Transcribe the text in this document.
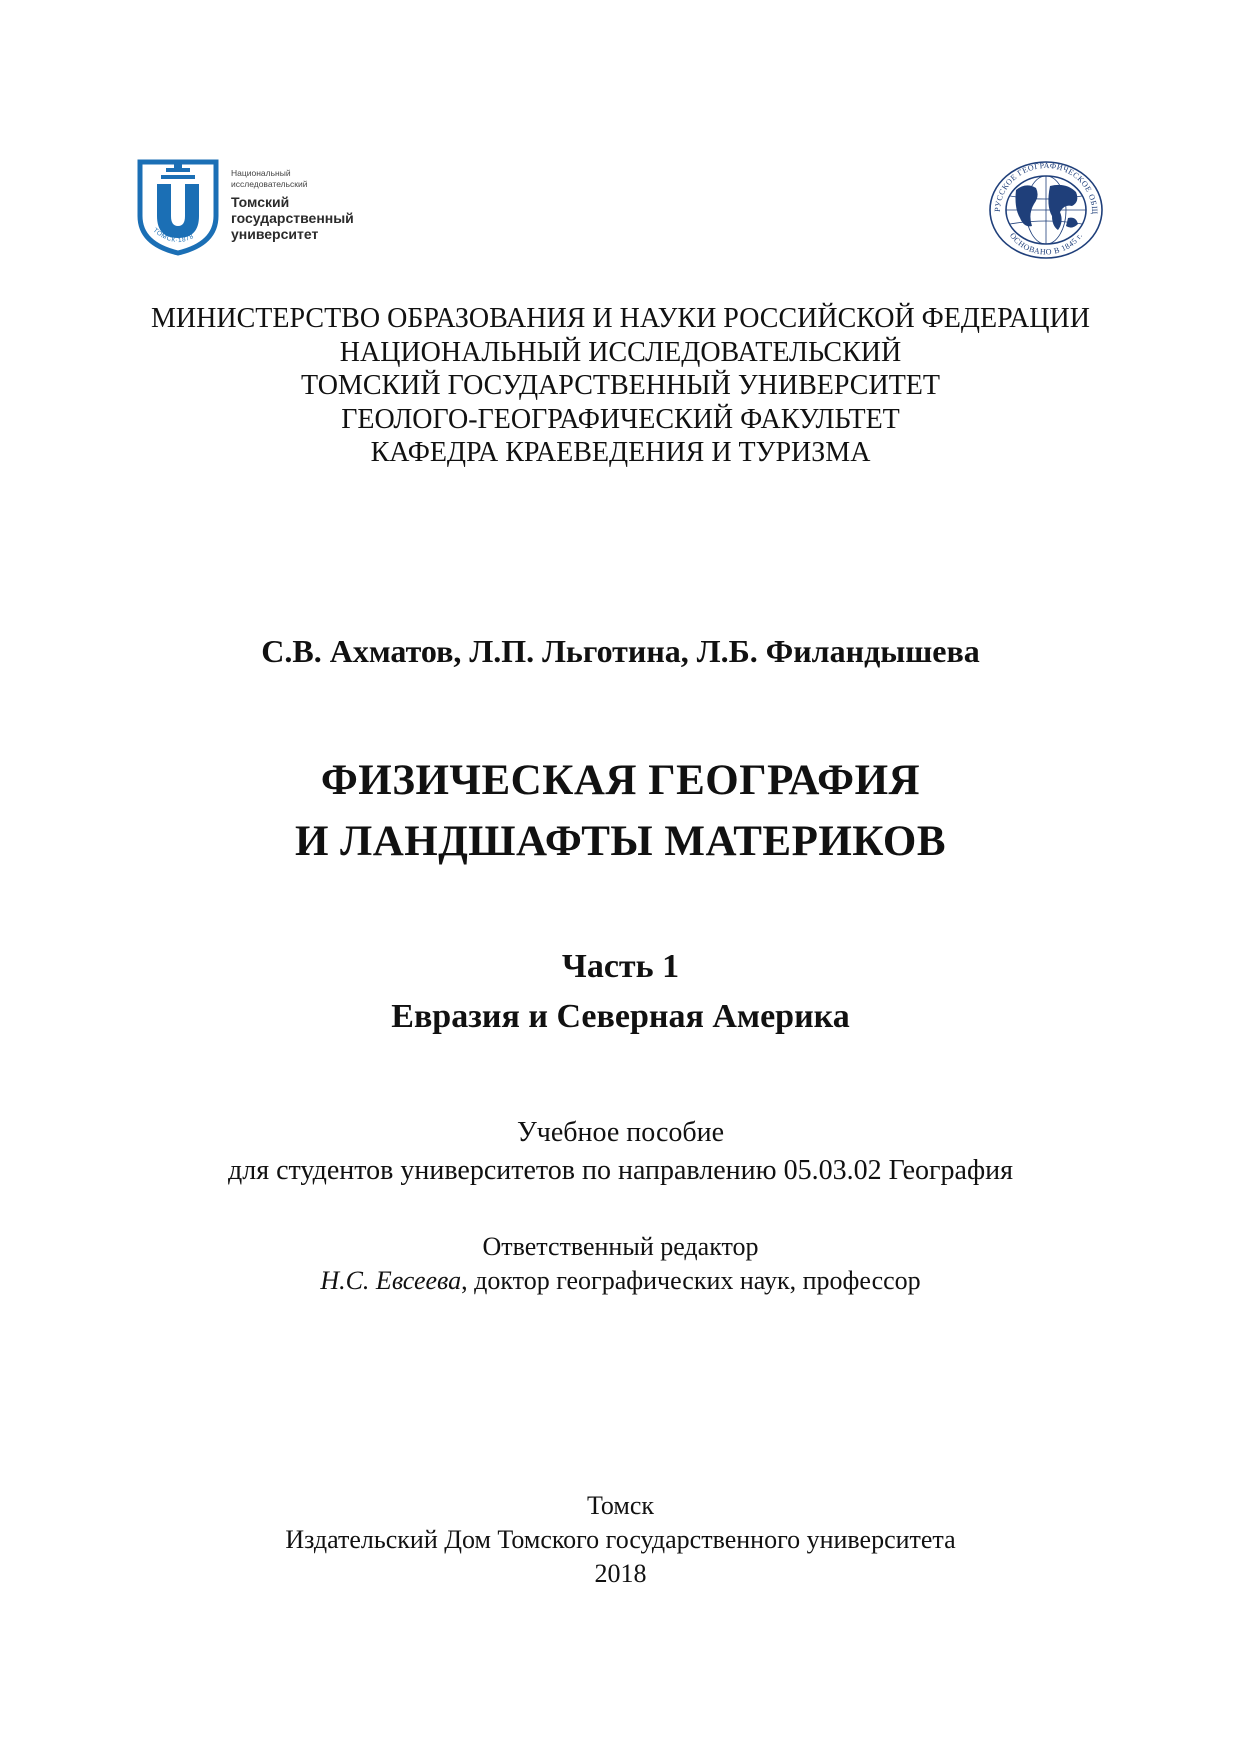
ТОМСК·1878
Национальный
исследовательский
Томский
государственный
университет
РУССКОЕ ГЕОГРАФИЧЕСКОЕ ОБЩ
ОСНОВАНО В 1845 г.
МИНИСТЕРСТВО ОБРАЗОВАНИЯ И НАУКИ РОССИЙСКОЙ ФЕДЕРАЦИИ
НАЦИОНАЛЬНЫЙ ИССЛЕДОВАТЕЛЬСКИЙ
ТОМСКИЙ ГОСУДАРСТВЕННЫЙ УНИВЕРСИТЕТ
ГЕОЛОГО-ГЕОГРАФИЧЕСКИЙ ФАКУЛЬТЕТ
КАФЕДРА КРАЕВЕДЕНИЯ И ТУРИЗМА
С.В. Ахматов, Л.П. Льготина, Л.Б. Филандышева
ФИЗИЧЕСКАЯ ГЕОГРАФИЯ
И ЛАНДШАФТЫ МАТЕРИКОВ
Часть 1
Евразия и Северная Америка
Учебное пособие
для студентов университетов по направлению 05.03.02 География
Ответственный редактор
Н.С. Евсеева, доктор географических наук, профессор
Томск
Издательский Дом Томского государственного университета
2018
